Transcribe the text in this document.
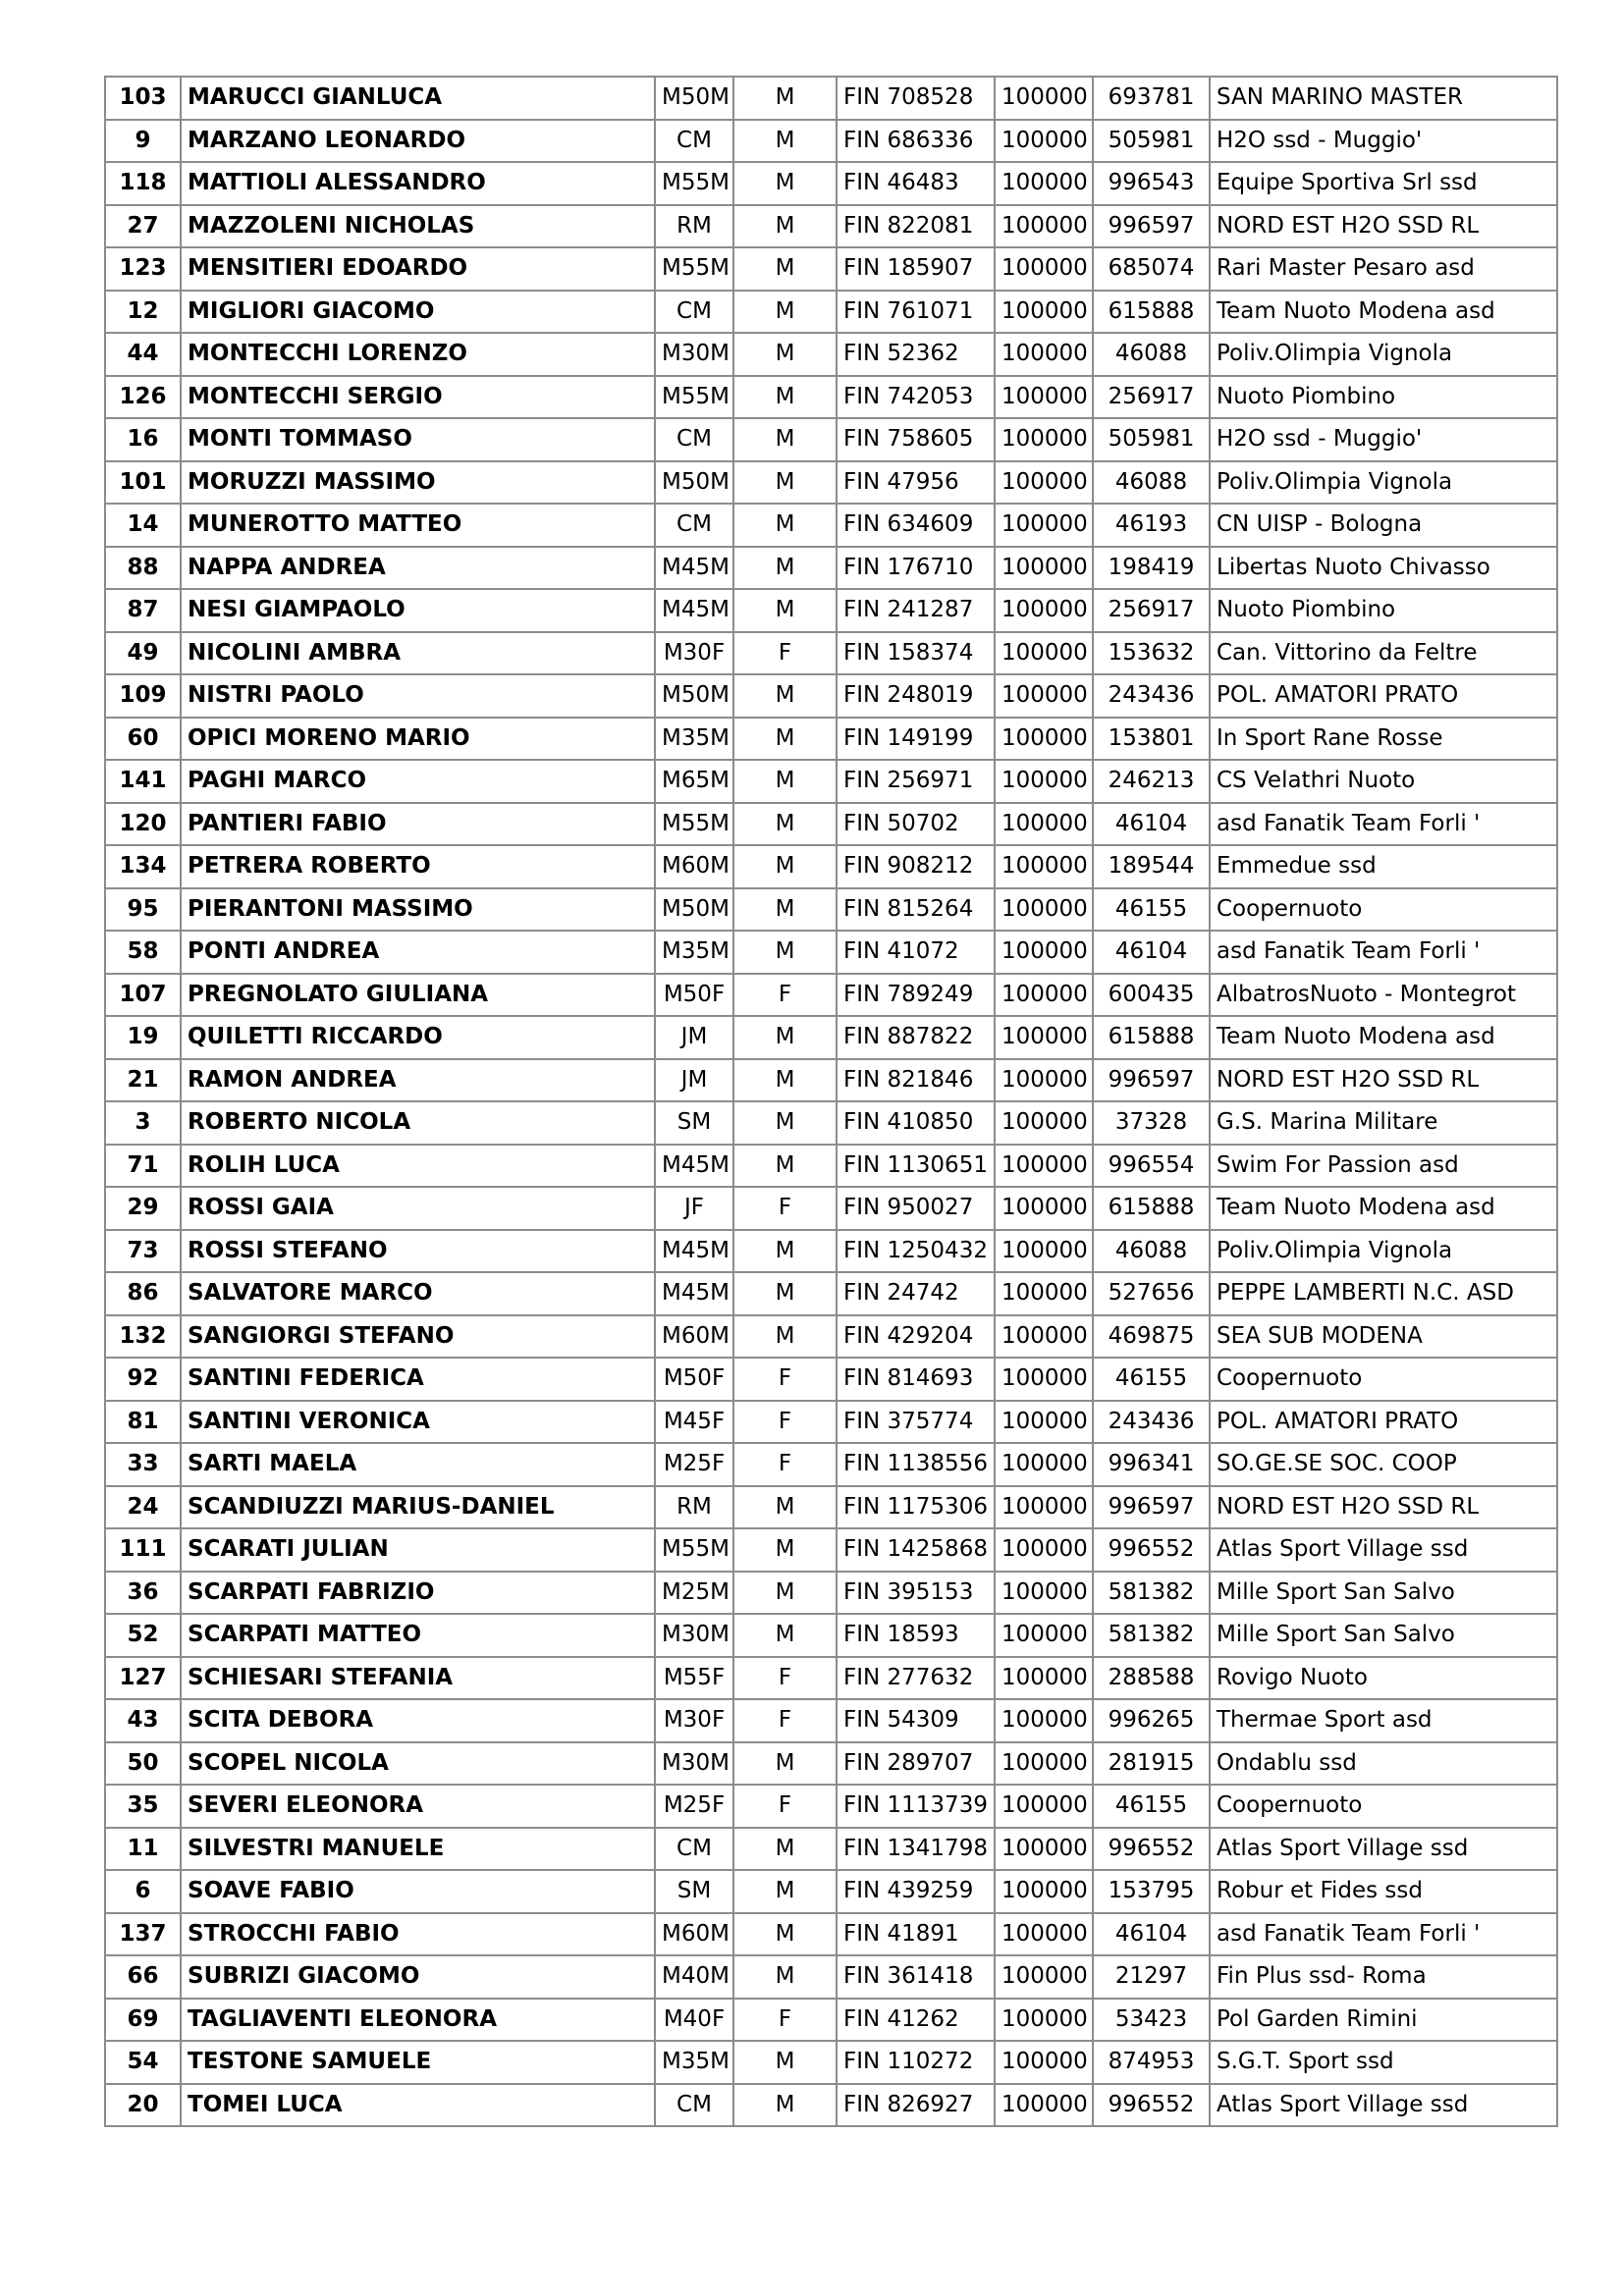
103	MARUCCI GIANLUCA	M50M	M	FIN 708528	100000	693781	SAN MARINO MASTER
9	MARZANO LEONARDO	CM	M	FIN 686336	100000	505981	H2O ssd - Muggio'
118	MATTIOLI ALESSANDRO	M55M	M	FIN 46483	100000	996543	Equipe Sportiva Srl ssd
27	MAZZOLENI NICHOLAS	RM	M	FIN 822081	100000	996597	NORD EST H2O SSD RL
123	MENSITIERI EDOARDO	M55M	M	FIN 185907	100000	685074	Rari Master Pesaro asd
12	MIGLIORI GIACOMO	CM	M	FIN 761071	100000	615888	Team Nuoto Modena asd
44	MONTECCHI LORENZO	M30M	M	FIN 52362	100000	46088	Poliv.Olimpia Vignola
126	MONTECCHI SERGIO	M55M	M	FIN 742053	100000	256917	Nuoto Piombino
16	MONTI TOMMASO	CM	M	FIN 758605	100000	505981	H2O ssd - Muggio'
101	MORUZZI MASSIMO	M50M	M	FIN 47956	100000	46088	Poliv.Olimpia Vignola
14	MUNEROTTO MATTEO	CM	M	FIN 634609	100000	46193	CN UISP - Bologna
88	NAPPA ANDREA	M45M	M	FIN 176710	100000	198419	Libertas Nuoto Chivasso
87	NESI GIAMPAOLO	M45M	M	FIN 241287	100000	256917	Nuoto Piombino
49	NICOLINI AMBRA	M30F	F	FIN 158374	100000	153632	Can. Vittorino da Feltre
109	NISTRI PAOLO	M50M	M	FIN 248019	100000	243436	POL. AMATORI PRATO
60	OPICI MORENO MARIO	M35M	M	FIN 149199	100000	153801	In Sport Rane Rosse
141	PAGHI MARCO	M65M	M	FIN 256971	100000	246213	CS Velathri Nuoto
120	PANTIERI FABIO	M55M	M	FIN 50702	100000	46104	asd Fanatik Team Forli '
134	PETRERA ROBERTO	M60M	M	FIN 908212	100000	189544	Emmedue ssd
95	PIERANTONI MASSIMO	M50M	M	FIN 815264	100000	46155	Coopernuoto
58	PONTI ANDREA	M35M	M	FIN 41072	100000	46104	asd Fanatik Team Forli '
107	PREGNOLATO GIULIANA	M50F	F	FIN 789249	100000	600435	AlbatrosNuoto - Montegrot
19	QUILETTI RICCARDO	JM	M	FIN 887822	100000	615888	Team Nuoto Modena asd
21	RAMON ANDREA	JM	M	FIN 821846	100000	996597	NORD EST H2O SSD RL
3	ROBERTO NICOLA	SM	M	FIN 410850	100000	37328	G.S. Marina Militare
71	ROLIH LUCA	M45M	M	FIN 1130651	100000	996554	Swim For Passion asd
29	ROSSI GAIA	JF	F	FIN 950027	100000	615888	Team Nuoto Modena asd
73	ROSSI STEFANO	M45M	M	FIN 1250432	100000	46088	Poliv.Olimpia Vignola
86	SALVATORE MARCO	M45M	M	FIN 24742	100000	527656	PEPPE LAMBERTI N.C. ASD
132	SANGIORGI STEFANO	M60M	M	FIN 429204	100000	469875	SEA SUB MODENA
92	SANTINI FEDERICA	M50F	F	FIN 814693	100000	46155	Coopernuoto
81	SANTINI VERONICA	M45F	F	FIN 375774	100000	243436	POL. AMATORI PRATO
33	SARTI MAELA	M25F	F	FIN 1138556	100000	996341	SO.GE.SE SOC. COOP
24	SCANDIUZZI MARIUS-DANIEL	RM	M	FIN 1175306	100000	996597	NORD EST H2O SSD RL
111	SCARATI JULIAN	M55M	M	FIN 1425868	100000	996552	Atlas Sport Village ssd
36	SCARPATI FABRIZIO	M25M	M	FIN 395153	100000	581382	Mille Sport San Salvo
52	SCARPATI MATTEO	M30M	M	FIN 18593	100000	581382	Mille Sport San Salvo
127	SCHIESARI STEFANIA	M55F	F	FIN 277632	100000	288588	Rovigo Nuoto
43	SCITA DEBORA	M30F	F	FIN 54309	100000	996265	Thermae Sport asd
50	SCOPEL NICOLA	M30M	M	FIN 289707	100000	281915	Ondablu ssd
35	SEVERI ELEONORA	M25F	F	FIN 1113739	100000	46155	Coopernuoto
11	SILVESTRI MANUELE	CM	M	FIN 1341798	100000	996552	Atlas Sport Village ssd
6	SOAVE FABIO	SM	M	FIN 439259	100000	153795	Robur et Fides ssd
137	STROCCHI FABIO	M60M	M	FIN 41891	100000	46104	asd Fanatik Team Forli '
66	SUBRIZI GIACOMO	M40M	M	FIN 361418	100000	21297	Fin Plus ssd- Roma
69	TAGLIAVENTI ELEONORA	M40F	F	FIN 41262	100000	53423	Pol Garden Rimini
54	TESTONE SAMUELE	M35M	M	FIN 110272	100000	874953	S.G.T. Sport ssd
20	TOMEI LUCA	CM	M	FIN 826927	100000	996552	Atlas Sport Village ssd
